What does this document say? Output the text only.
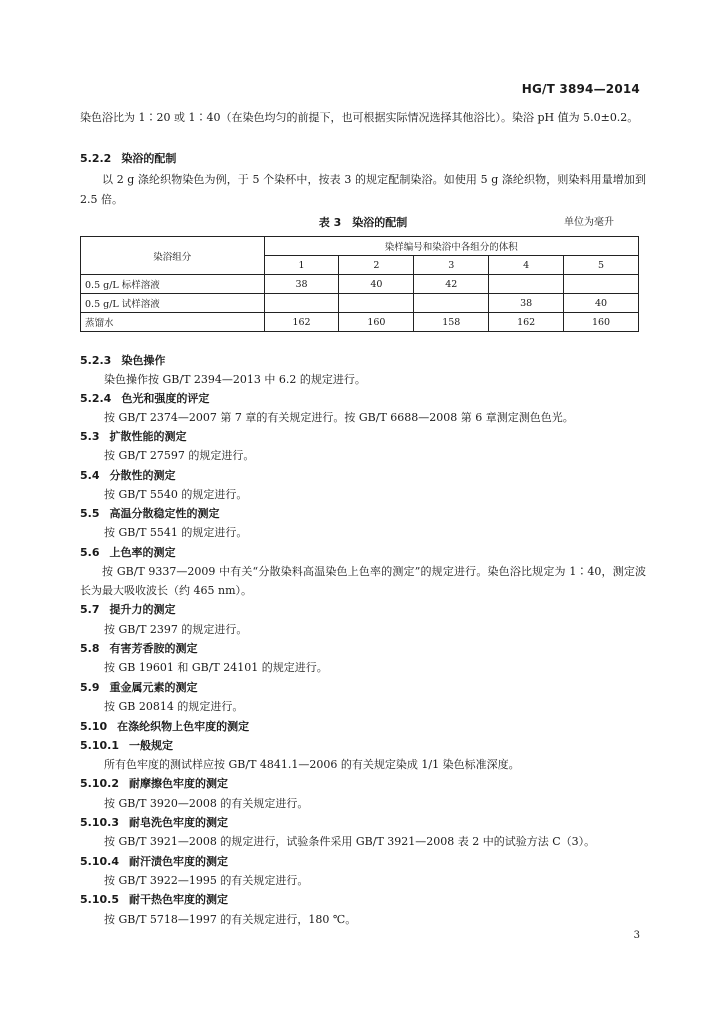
HG/T 3894—2014
染色浴比为 1∶20 或 1∶40（在染色均匀的前提下，也可根据实际情况选择其他浴比）。染浴 pH 值为 5.0±0.2。
5.2.2 染浴的配制
以 2 g 涤纶织物染色为例，于 5 个染杯中，按表 3 的规定配制染浴。如使用 5 g 涤纶织物，则染料用量增加到 2.5 倍。
表 3　染浴的配制	单位为毫升
染浴组分	染样编号和染浴中各组分的体积				
	1	2	3	4	5
0.5 g/L 标样溶液	38	40	42		
0.5 g/L 试样溶液				38	40
蒸馏水	162	160	158	162	160
5.2.3 染色操作
染色操作按 GB/T 2394—2013 中 6.2 的规定进行。
5.2.4 色光和强度的评定
按 GB/T 2374—2007 第 7 章的有关规定进行。按 GB/T 6688—2008 第 6 章测定测色色光。
5.3 扩散性能的测定
按 GB/T 27597 的规定进行。
5.4 分散性的测定
按 GB/T 5540 的规定进行。
5.5 高温分散稳定性的测定
按 GB/T 5541 的规定进行。
5.6 上色率的测定
按 GB/T 9337—2009 中有关“分散染料高温染色上色率的测定”的规定进行。染色浴比规定为 1∶40，测定波长为最大吸收波长（约 465 nm）。
5.7 提升力的测定
按 GB/T 2397 的规定进行。
5.8 有害芳香胺的测定
按 GB 19601 和 GB/T 24101 的规定进行。
5.9 重金属元素的测定
按 GB 20814 的规定进行。
5.10 在涤纶织物上色牢度的测定
5.10.1 一般规定
所有色牢度的测试样应按 GB/T 4841.1—2006 的有关规定染成 1/1 染色标准深度。
5.10.2 耐摩擦色牢度的测定
按 GB/T 3920—2008 的有关规定进行。
5.10.3 耐皂洗色牢度的测定
按 GB/T 3921—2008 的规定进行，试验条件采用 GB/T 3921—2008 表 2 中的试验方法 C（3）。
5.10.4 耐汗渍色牢度的测定
按 GB/T 3922—1995 的有关规定进行。
5.10.5 耐干热色牢度的测定
按 GB/T 5718—1997 的有关规定进行，180 ℃。
3
